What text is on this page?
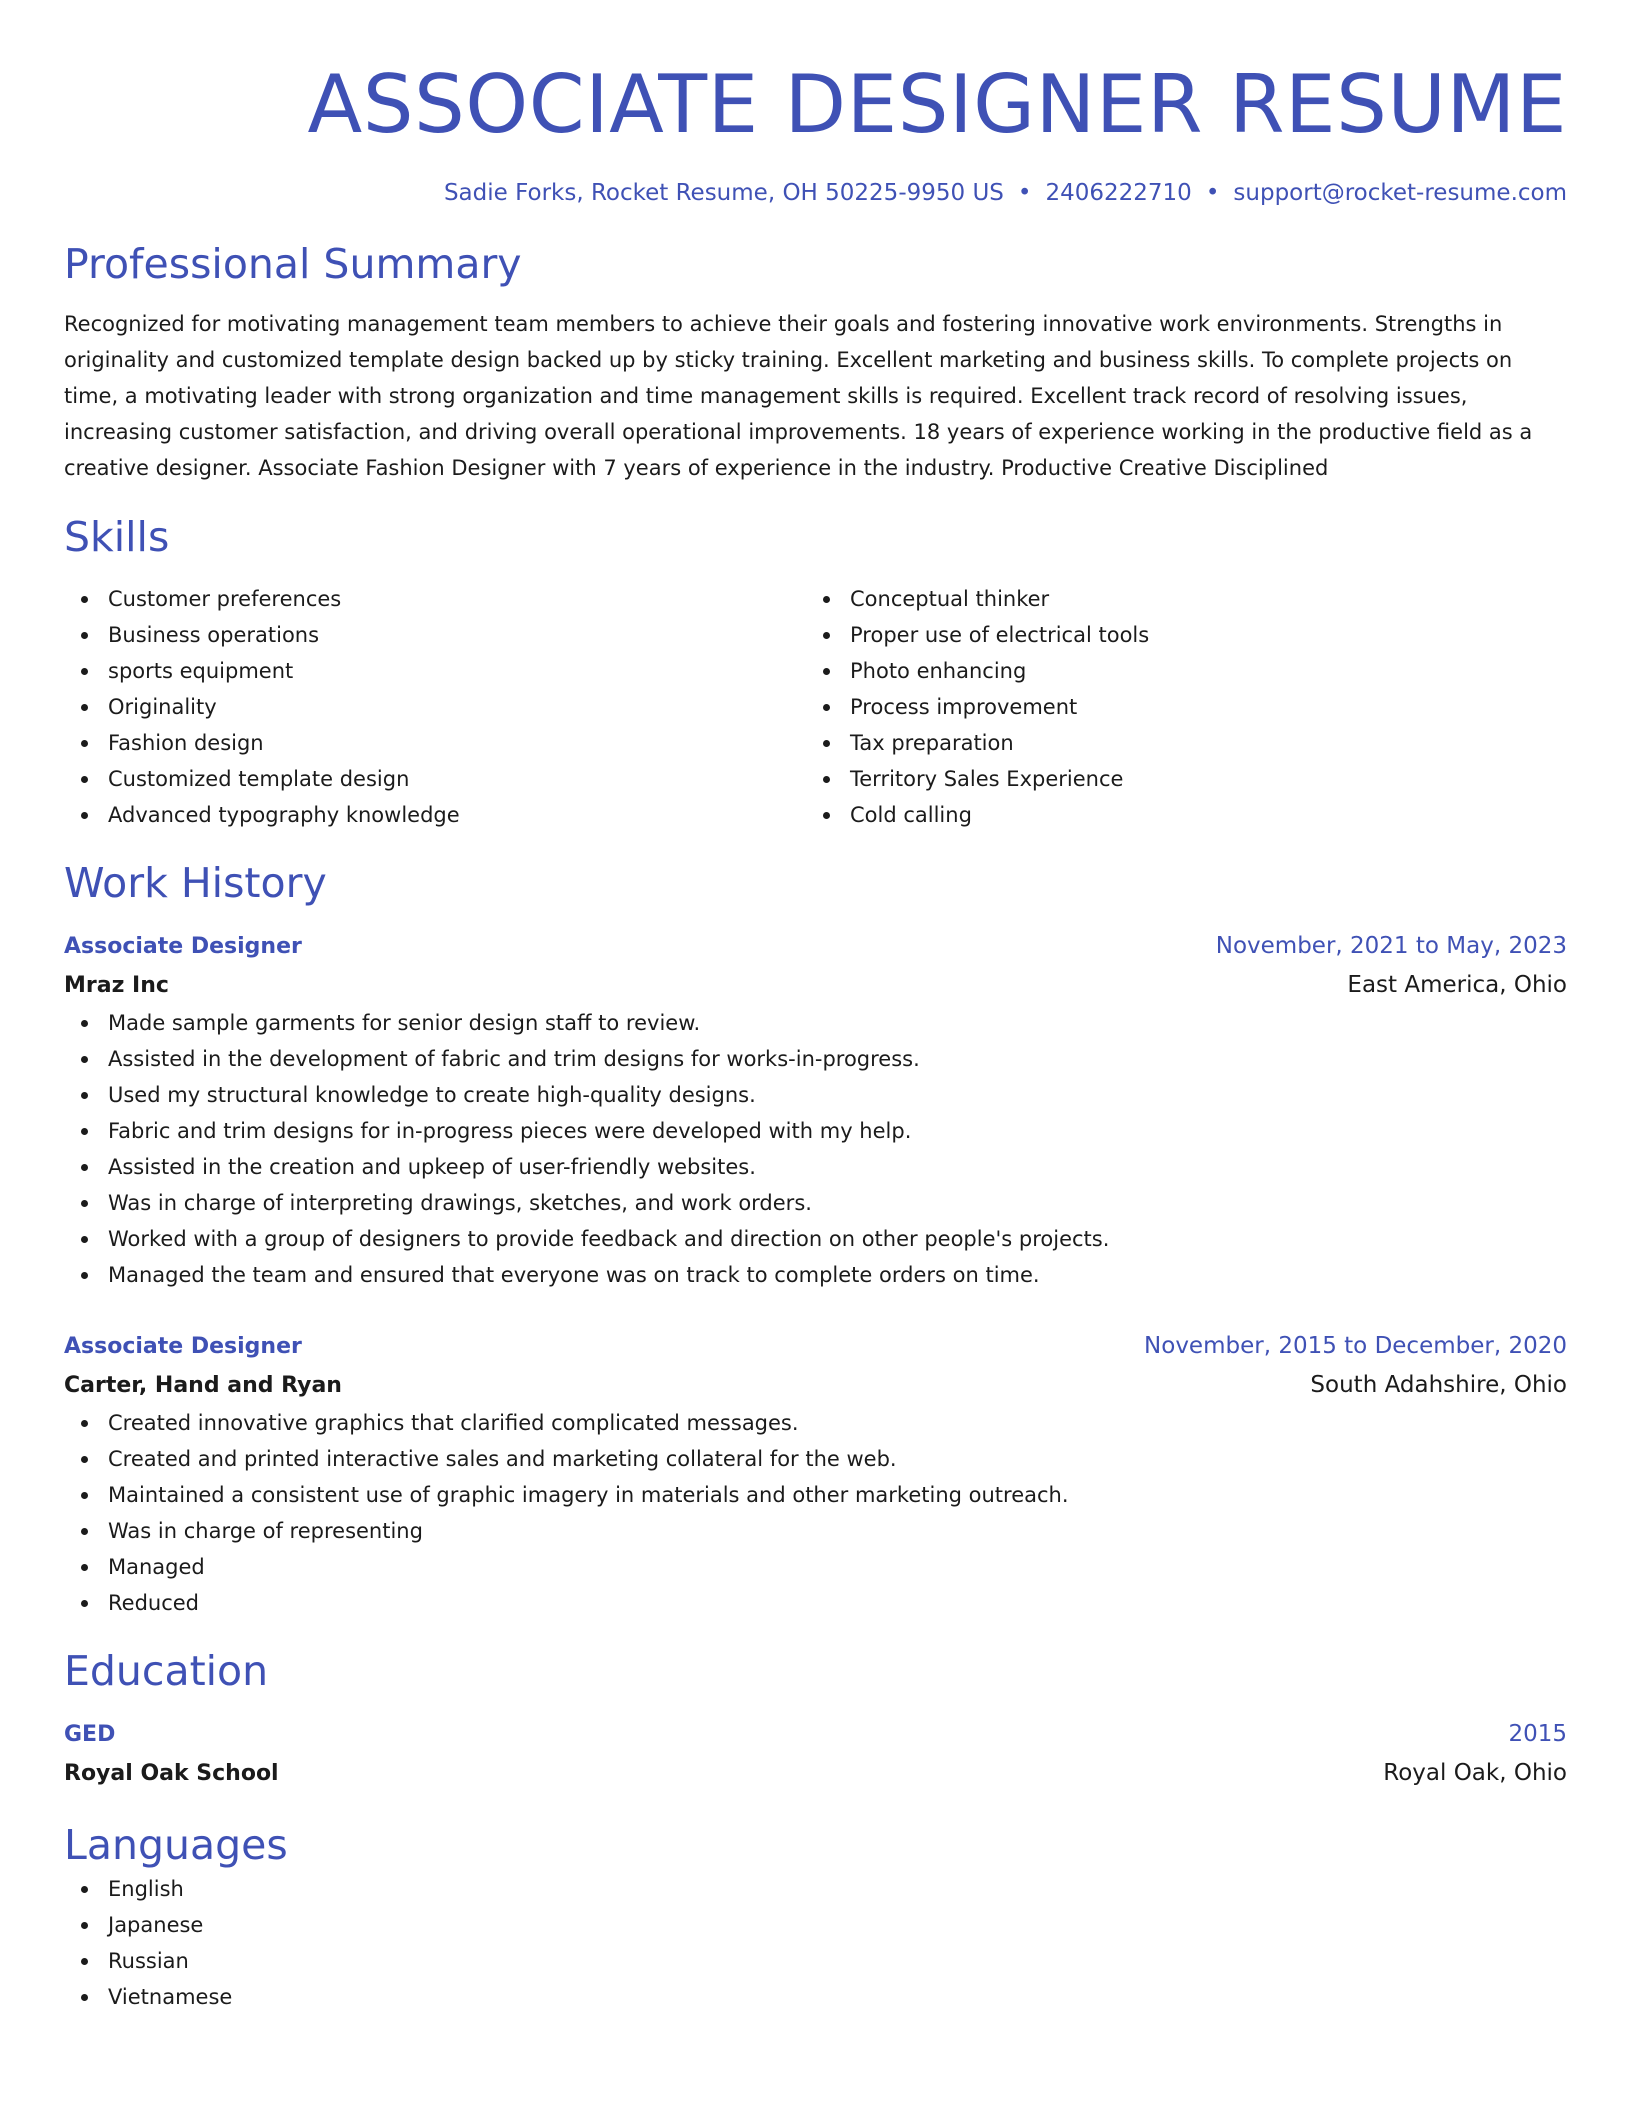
ASSOCIATE DESIGNER RESUME
Sadie Forks, Rocket Resume, OH 50225-9950 US • 2406222710 • support@rocket-resume.com
Professional Summary

Recognized for motivating management team members to achieve their goals and fostering innovative work environments. Strengths in originality and customized template design backed up by sticky training. Excellent marketing and business skills. To complete projects on time, a motivating leader with strong organization and time management skills is required. Excellent track record of resolving issues, increasing customer satisfaction, and driving overall operational improvements. 18 years of experience working in the productive field as a creative designer. Associate Fashion Designer with 7 years of experience in the industry. Productive Creative Disciplined

Skills
Customer preferences
Business operations
sports equipment
Originality
Fashion design
Customized template design
Advanced typography knowledge
Conceptual thinker
Proper use of electrical tools
Photo enhancing
Process improvement
Tax preparation
Territory Sales Experience
Cold calling
Work History
Associate Designer	November, 2021 to May, 2023
Mraz Inc	East America, Ohio
Made sample garments for senior design staff to review.
Assisted in the development of fabric and trim designs for works-in-progress.
Used my structural knowledge to create high-quality designs.
Fabric and trim designs for in-progress pieces were developed with my help.
Assisted in the creation and upkeep of user-friendly websites.
Was in charge of interpreting drawings, sketches, and work orders.
Worked with a group of designers to provide feedback and direction on other people's projects.
Managed the team and ensured that everyone was on track to complete orders on time.
Associate Designer	November, 2015 to December, 2020
Carter, Hand and Ryan	South Adahshire, Ohio
Created innovative graphics that clarified complicated messages.
Created and printed interactive sales and marketing collateral for the web.
Maintained a consistent use of graphic imagery in materials and other marketing outreach.
Was in charge of representing
Managed
Reduced
Education
GED	2015
Royal Oak School	Royal Oak, Ohio
Languages
English
Japanese
Russian
Vietnamese
